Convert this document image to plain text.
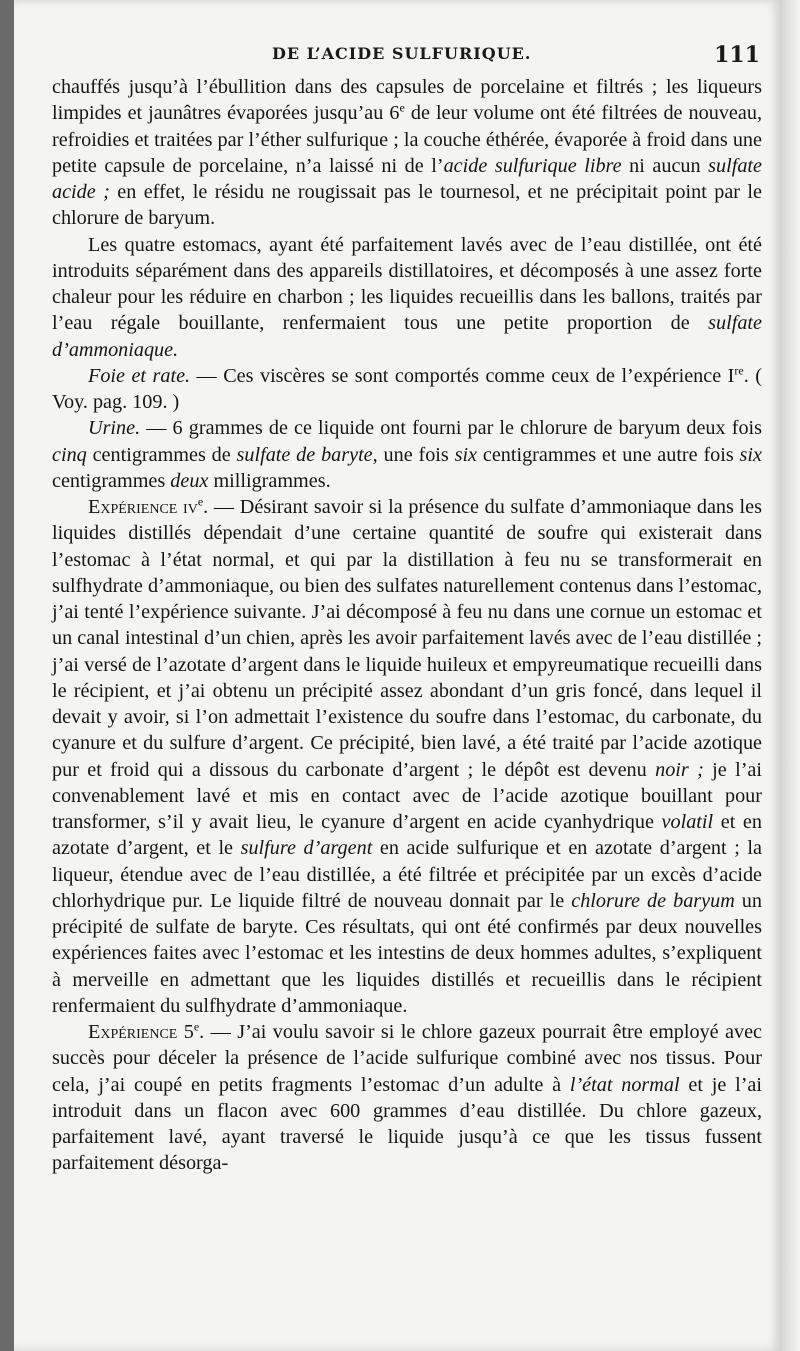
DE L’ACIDE SULFURIQUE.	111

chauffés jusqu’à l’ébullition dans des capsules de porcelaine et filtrés ; les liqueurs limpides et jaunâtres évaporées jusqu’au 6e de leur volume ont été filtrées de nouveau, refroidies et traitées par l’éther sulfurique ; la couche éthérée, évaporée à froid dans une petite capsule de porcelaine, n’a laissé ni de l’acide sulfurique libre ni aucun sulfate acide ; en effet, le résidu ne rougissait pas le tournesol, et ne précipitait point par le chlorure de baryum.

Les quatre estomacs, ayant été parfaitement lavés avec de l’eau distillée, ont été introduits séparément dans des appareils distillatoires, et décomposés à une assez forte chaleur pour les réduire en charbon ; les liquides recueillis dans les ballons, traités par l’eau régale bouillante, renfermaient tous une petite proportion de sulfate d’ammoniaque.

Foie et rate. — Ces viscères se sont comportés comme ceux de l’expérience Ire. ( Voy. pag. 109. )

Urine. — 6 grammes de ce liquide ont fourni par le chlorure de baryum deux fois cinq centigrammes de sulfate de baryte, une fois six centigrammes et une autre fois six centigrammes deux milligrammes.

Expérience $iv^e$. — Désirant savoir si la présence du sulfate d’ammoniaque dans les liquides distillés dépendait d’une certaine quantité de soufre qui existerait dans l’estomac à l’état normal, et qui par la distillation à feu nu se transformerait en sulfhydrate d’ammoniaque, ou bien des sulfates naturellement contenus dans l’estomac, j’ai tenté l’expérience suivante. J’ai décomposé à feu nu dans une cornue un estomac et un canal intestinal d’un chien, après les avoir parfaitement lavés avec de l’eau distillée ; j’ai versé de l’azotate d’argent dans le liquide huileux et empyreumatique recueilli dans le récipient, et j’ai obtenu un précipité assez abondant d’un gris foncé, dans lequel il devait y avoir, si l’on admettait l’existence du soufre dans l’estomac, du carbonate, du cyanure et du sulfure d’argent. Ce précipité, bien lavé, a été traité par l’acide azotique pur et froid qui a dissous du carbonate d’argent ; le dépôt est devenu noir ; je l’ai convenablement lavé et mis en contact avec de l’acide azotique bouillant pour transformer, s’il y avait lieu, le cyanure d’argent en acide cyanhydrique volatil et en azotate d’argent, et le sulfure d’argent en acide sulfurique et en azotate d’argent ; la liqueur, étendue avec de l’eau distillée, a été filtrée et précipitée par un excès d’acide chlorhydrique pur. Le liquide filtré de nouveau donnait par le chlorure de baryum un précipité de sulfate de baryte. Ces résultats, qui ont été confirmés par deux nouvelles expériences faites avec l’estomac et les intestins de deux hommes adultes, s’expliquent à merveille en admettant que les liquides distillés et recueillis dans le récipient renfermaient du sulfhydrate d’ammoniaque.

Expérience 5e. — J’ai voulu savoir si le chlore gazeux pourrait être employé avec succès pour déceler la présence de l’acide sulfurique combiné avec nos tissus. Pour cela, j’ai coupé en petits fragments l’estomac d’un adulte à l’état normal et je l’ai introduit dans un flacon avec 600 grammes d’eau distillée. Du chlore gazeux, parfaitement lavé, ayant traversé le liquide jusqu’à ce que les tissus fussent parfaitement désorga-
